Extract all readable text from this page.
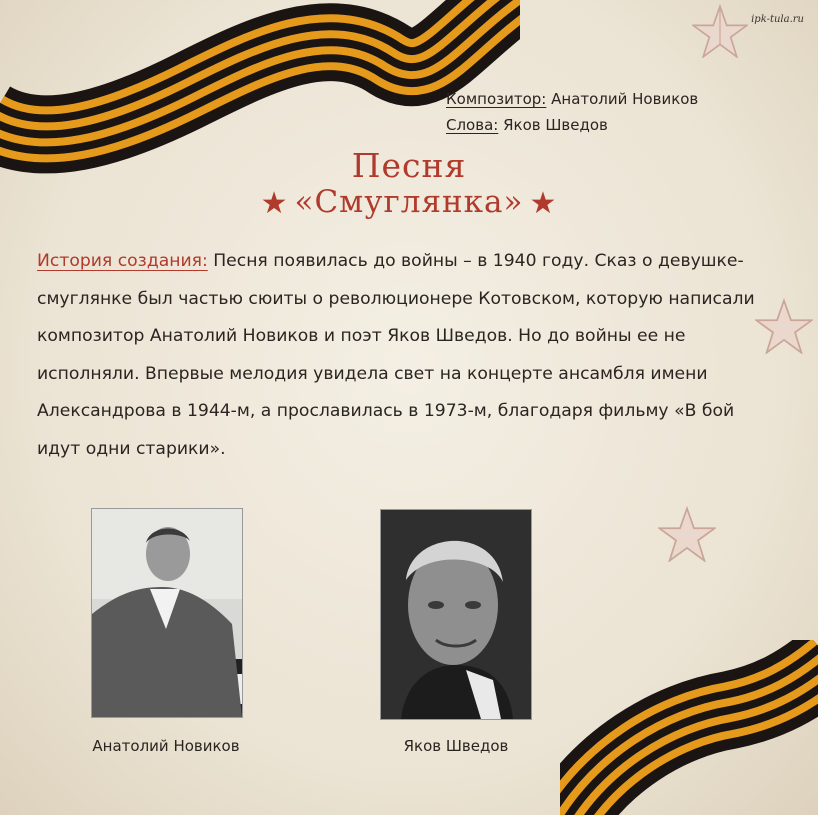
ipk-tula.ru
Композитор: Анатолий Новиков
Слова: Яков Шведов
Песня
★ «Смуглянка» ★
История создания: Песня появилась до войны – в 1940 году. Сказ о девушке-смуглянке был частью сюиты о революционере Котовском, которую написали композитор Анатолий Новиков и поэт Яков Шведов. Но до войны ее не исполняли. Впервые мелодия увидела свет на концерте ансамбля имени Александрова в 1944-м, а прославилась в 1973-м, благодаря фильму «В бой идут одни старики».
Анатолий Новиков	Яков Шведов
